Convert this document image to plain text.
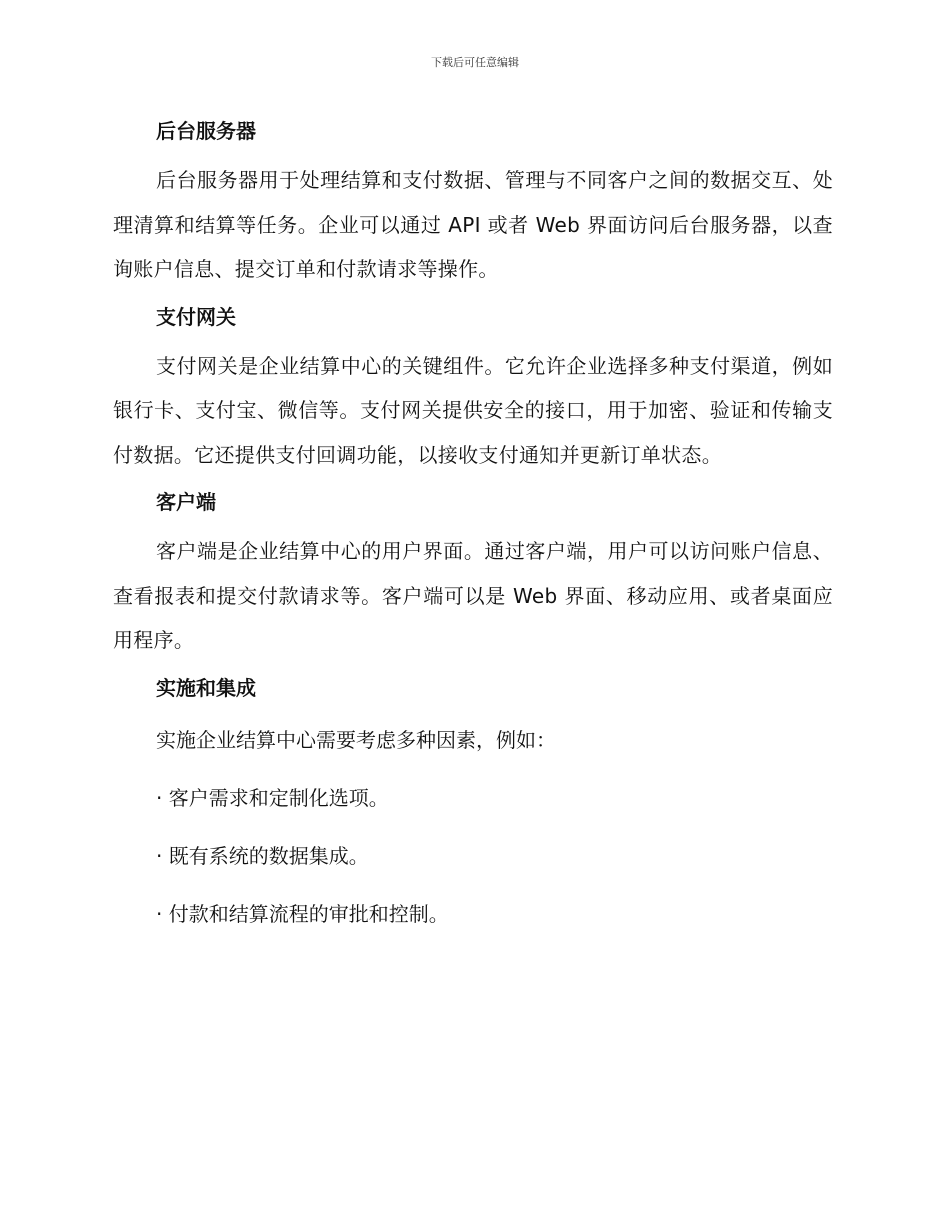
下载后可任意编辑
后台服务器

后台服务器用于处理结算和支付数据、管理与不同客户之间的数据交互、处理清算和结算等任务。企业可以通过 API 或者 Web 界面访问后台服务器，以查询账户信息、提交订单和付款请求等操作。

支付网关

支付网关是企业结算中心的关键组件。它允许企业选择多种支付渠道，例如银行卡、支付宝、微信等。支付网关提供安全的接口，用于加密、验证和传输支付数据。它还提供支付回调功能，以接收支付通知并更新订单状态。

客户端

客户端是企业结算中心的用户界面。通过客户端，用户可以访问账户信息、查看报表和提交付款请求等。客户端可以是 Web 界面、移动应用、或者桌面应用程序。

实施和集成
实施企业结算中心需要考虑多种因素，例如：
· 客户需求和定制化选项。
· 既有系统的数据集成。
· 付款和结算流程的审批和控制。
